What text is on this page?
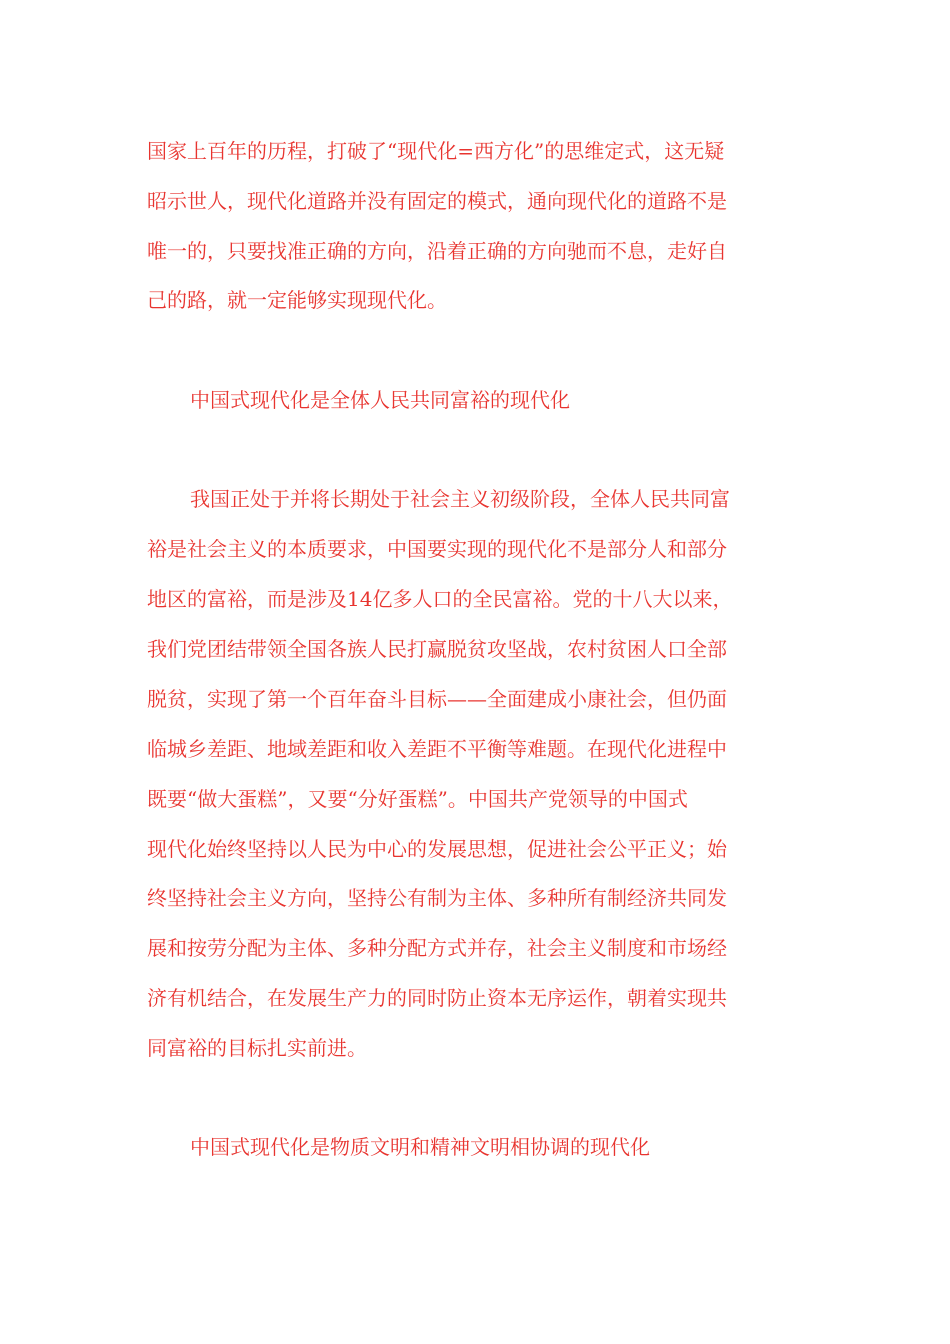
国家上百年的历程，打破了“现代化=西方化”的思维定式，这无疑

昭示世人，现代化道路并没有固定的模式，通向现代化的道路不是

唯一的，只要找准正确的方向，沿着正确的方向驰而不息，走好自

己的路，就一定能够实现现代化。

中国式现代化是全体人民共同富裕的现代化

我国正处于并将长期处于社会主义初级阶段，全体人民共同富

裕是社会主义的本质要求，中国要实现的现代化不是部分人和部分

地区的富裕，而是涉及14亿多人口的全民富裕。党的十八大以来，

我们党团结带领全国各族人民打赢脱贫攻坚战，农村贫困人口全部

脱贫，实现了第一个百年奋斗目标——全面建成小康社会，但仍面

临城乡差距、地域差距和收入差距不平衡等难题。在现代化进程中

既要“做大蛋糕”，又要“分好蛋糕”。中国共产党领导的中国式

现代化始终坚持以人民为中心的发展思想，促进社会公平正义；始

终坚持社会主义方向，坚持公有制为主体、多种所有制经济共同发

展和按劳分配为主体、多种分配方式并存，社会主义制度和市场经

济有机结合，在发展生产力的同时防止资本无序运作，朝着实现共

同富裕的目标扎实前进。

中国式现代化是物质文明和精神文明相协调的现代化
